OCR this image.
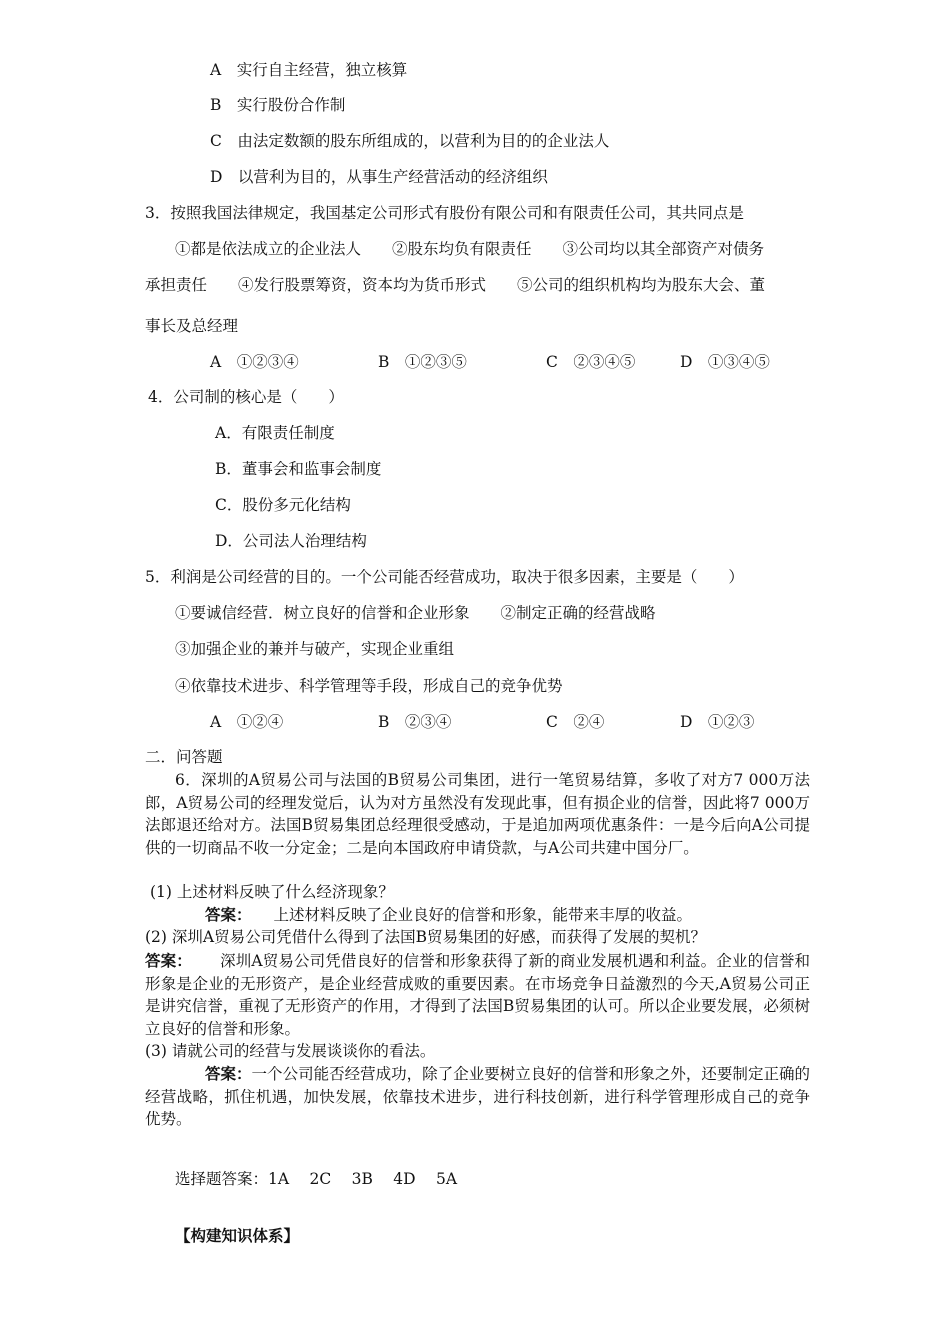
A　实行自主经营，独立核算
B　实行股份合作制
C　由法定数额的股东所组成的，以营利为目的的企业法人
D　以营利为目的，从事生产经营活动的经济组织
3．按照我国法律规定，我国基定公司形式有股份有限公司和有限责任公司，其共同点是
①都是依法成立的企业法人　　②股东均负有限责任　　③公司均以其全部资产对债务
承担责任　　④发行股票筹资，资本均为货币形式　　⑤公司的组织机构均为股东大会、董
事长及总经理
A　①②③④	B　①②③⑤	C　②③④⑤	D　①③④⑤
4．公司制的核心是（　　）
A．有限责任制度
B．董事会和监事会制度
C．股份多元化结构
D．公司法人治理结构
5．利润是公司经营的目的。一个公司能否经营成功，取决于很多因素，主要是（　　）
①要诚信经营．树立良好的信誉和企业形象　　②制定正确的经营战略
③加强企业的兼并与破产，实现企业重组
④依靠技术进步、科学管理等手段，形成自己的竞争优势
A　①②④	B　②③④	C　②④	D　①②③
二．问答题
6．深圳的A贸易公司与法国的B贸易公司集团，进行一笔贸易结算，多收了对方7 000万法郎，A贸易公司的经理发觉后，认为对方虽然没有发现此事，但有损企业的信誉，因此将7 000万法郎退还给对方。法国B贸易集团总经理很受感动，于是追加两项优惠条件：一是今后向A公司提供的一切商品不收一分定金；二是向本国政府申请贷款，与A公司共建中国分厂。
(1) 上述材料反映了什么经济现象？
答案： 上述材料反映了企业良好的信誉和形象，能带来丰厚的收益。
(2) 深圳A贸易公司凭借什么得到了法国B贸易集团的好感，而获得了发展的契机？
答案： 深圳A贸易公司凭借良好的信誉和形象获得了新的商业发展机遇和利益。企业的信誉和形象是企业的无形资产，是企业经营成败的重要因素。在市场竞争日益激烈的今天,A贸易公司正是讲究信誉，重视了无形资产的作用，才得到了法国B贸易集团的认可。所以企业要发展，必须树立良好的信誉和形象。
(3) 请就公司的经营与发展谈谈你的看法。
答案：一个公司能否经营成功，除了企业要树立良好的信誉和形象之外，还要制定正确的经营战略，抓住机遇，加快发展，依靠技术进步，进行科技创新，进行科学管理形成自己的竞争优势。
选择题答案：1A　 2C　 3B　 4D　 5A
【构建知识体系】
